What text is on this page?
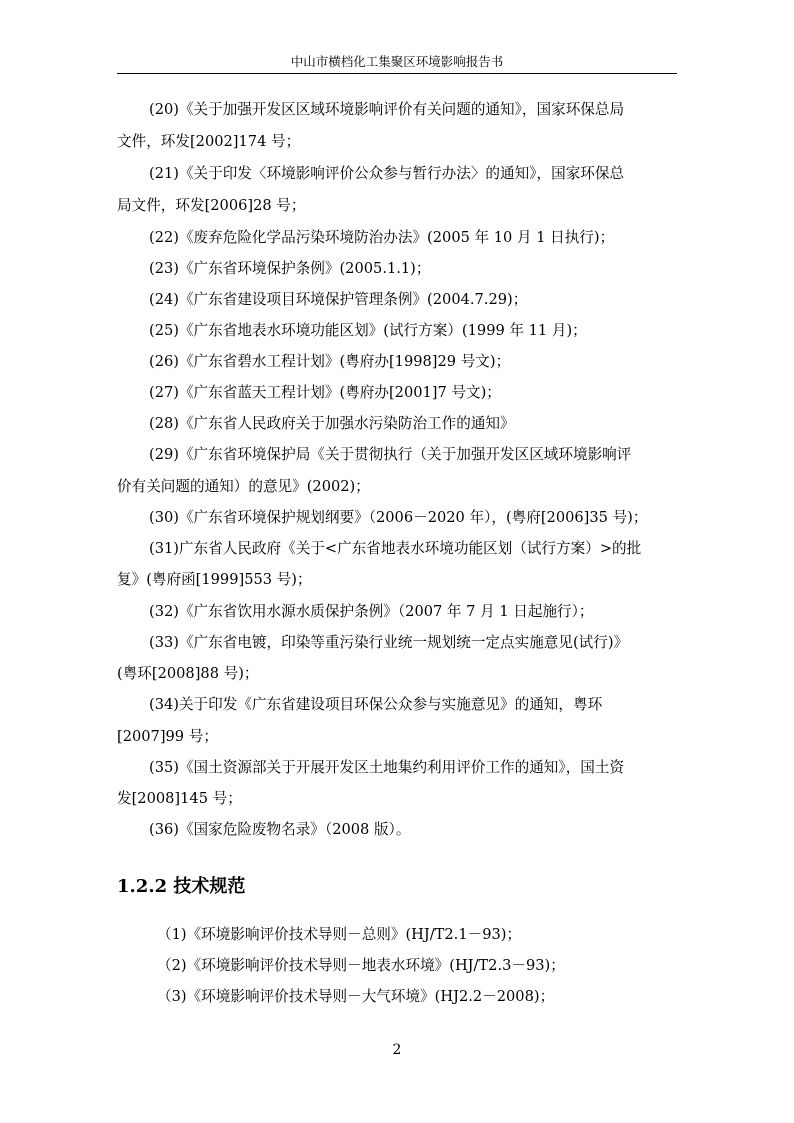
中山市横档化工集聚区环境影响报告书
(20)《关于加强开发区区域环境影响评价有关问题的通知》，国家环保总局
文件，环发[2002]174 号；
(21)《关于印发〈环境影响评价公众参与暂行办法〉的通知》，国家环保总
局文件，环发[2006]28 号；
(22)《废弃危险化学品污染环境防治办法》(2005 年 10 月 1 日执行)；
(23)《广东省环境保护条例》(2005.1.1)；
(24)《广东省建设项目环境保护管理条例》(2004.7.29)；
(25)《广东省地表水环境功能区划》(试行方案）(1999 年 11 月)；
(26)《广东省碧水工程计划》(粤府办[1998]29 号文)；
(27)《广东省蓝天工程计划》(粤府办[2001]7 号文)；
(28)《广东省人民政府关于加强水污染防治工作的通知》
(29)《广东省环境保护局《关于贯彻执行（关于加强开发区区域环境影响评
价有关问题的通知）的意见》(2002)；
(30)《广东省环境保护规划纲要》（2006－2020 年），(粤府[2006]35 号)；
(31)广东省人民政府《关于<广东省地表水环境功能区划（试行方案）>的批
复》(粤府函[1999]553 号)；
(32)《广东省饮用水源水质保护条例》（2007 年 7 月 1 日起施行）；
(33)《广东省电镀，印染等重污染行业统一规划统一定点实施意见(试行)》
(粤环[2008]88 号)；
(34)关于印发《广东省建设项目环保公众参与实施意见》的通知，粤环
[2007]99 号；
(35)《国土资源部关于开展开发区土地集约利用评价工作的通知》，国土资
发[2008]145 号；
(36)《国家危险废物名录》（2008 版）。
1.2.2 技术规范
（1)《环境影响评价技术导则－总则》(HJ/T2.1－93)；
（2)《环境影响评价技术导则－地表水环境》(HJ/T2.3－93)；
（3)《环境影响评价技术导则－大气环境》(HJ2.2－2008)；
2
